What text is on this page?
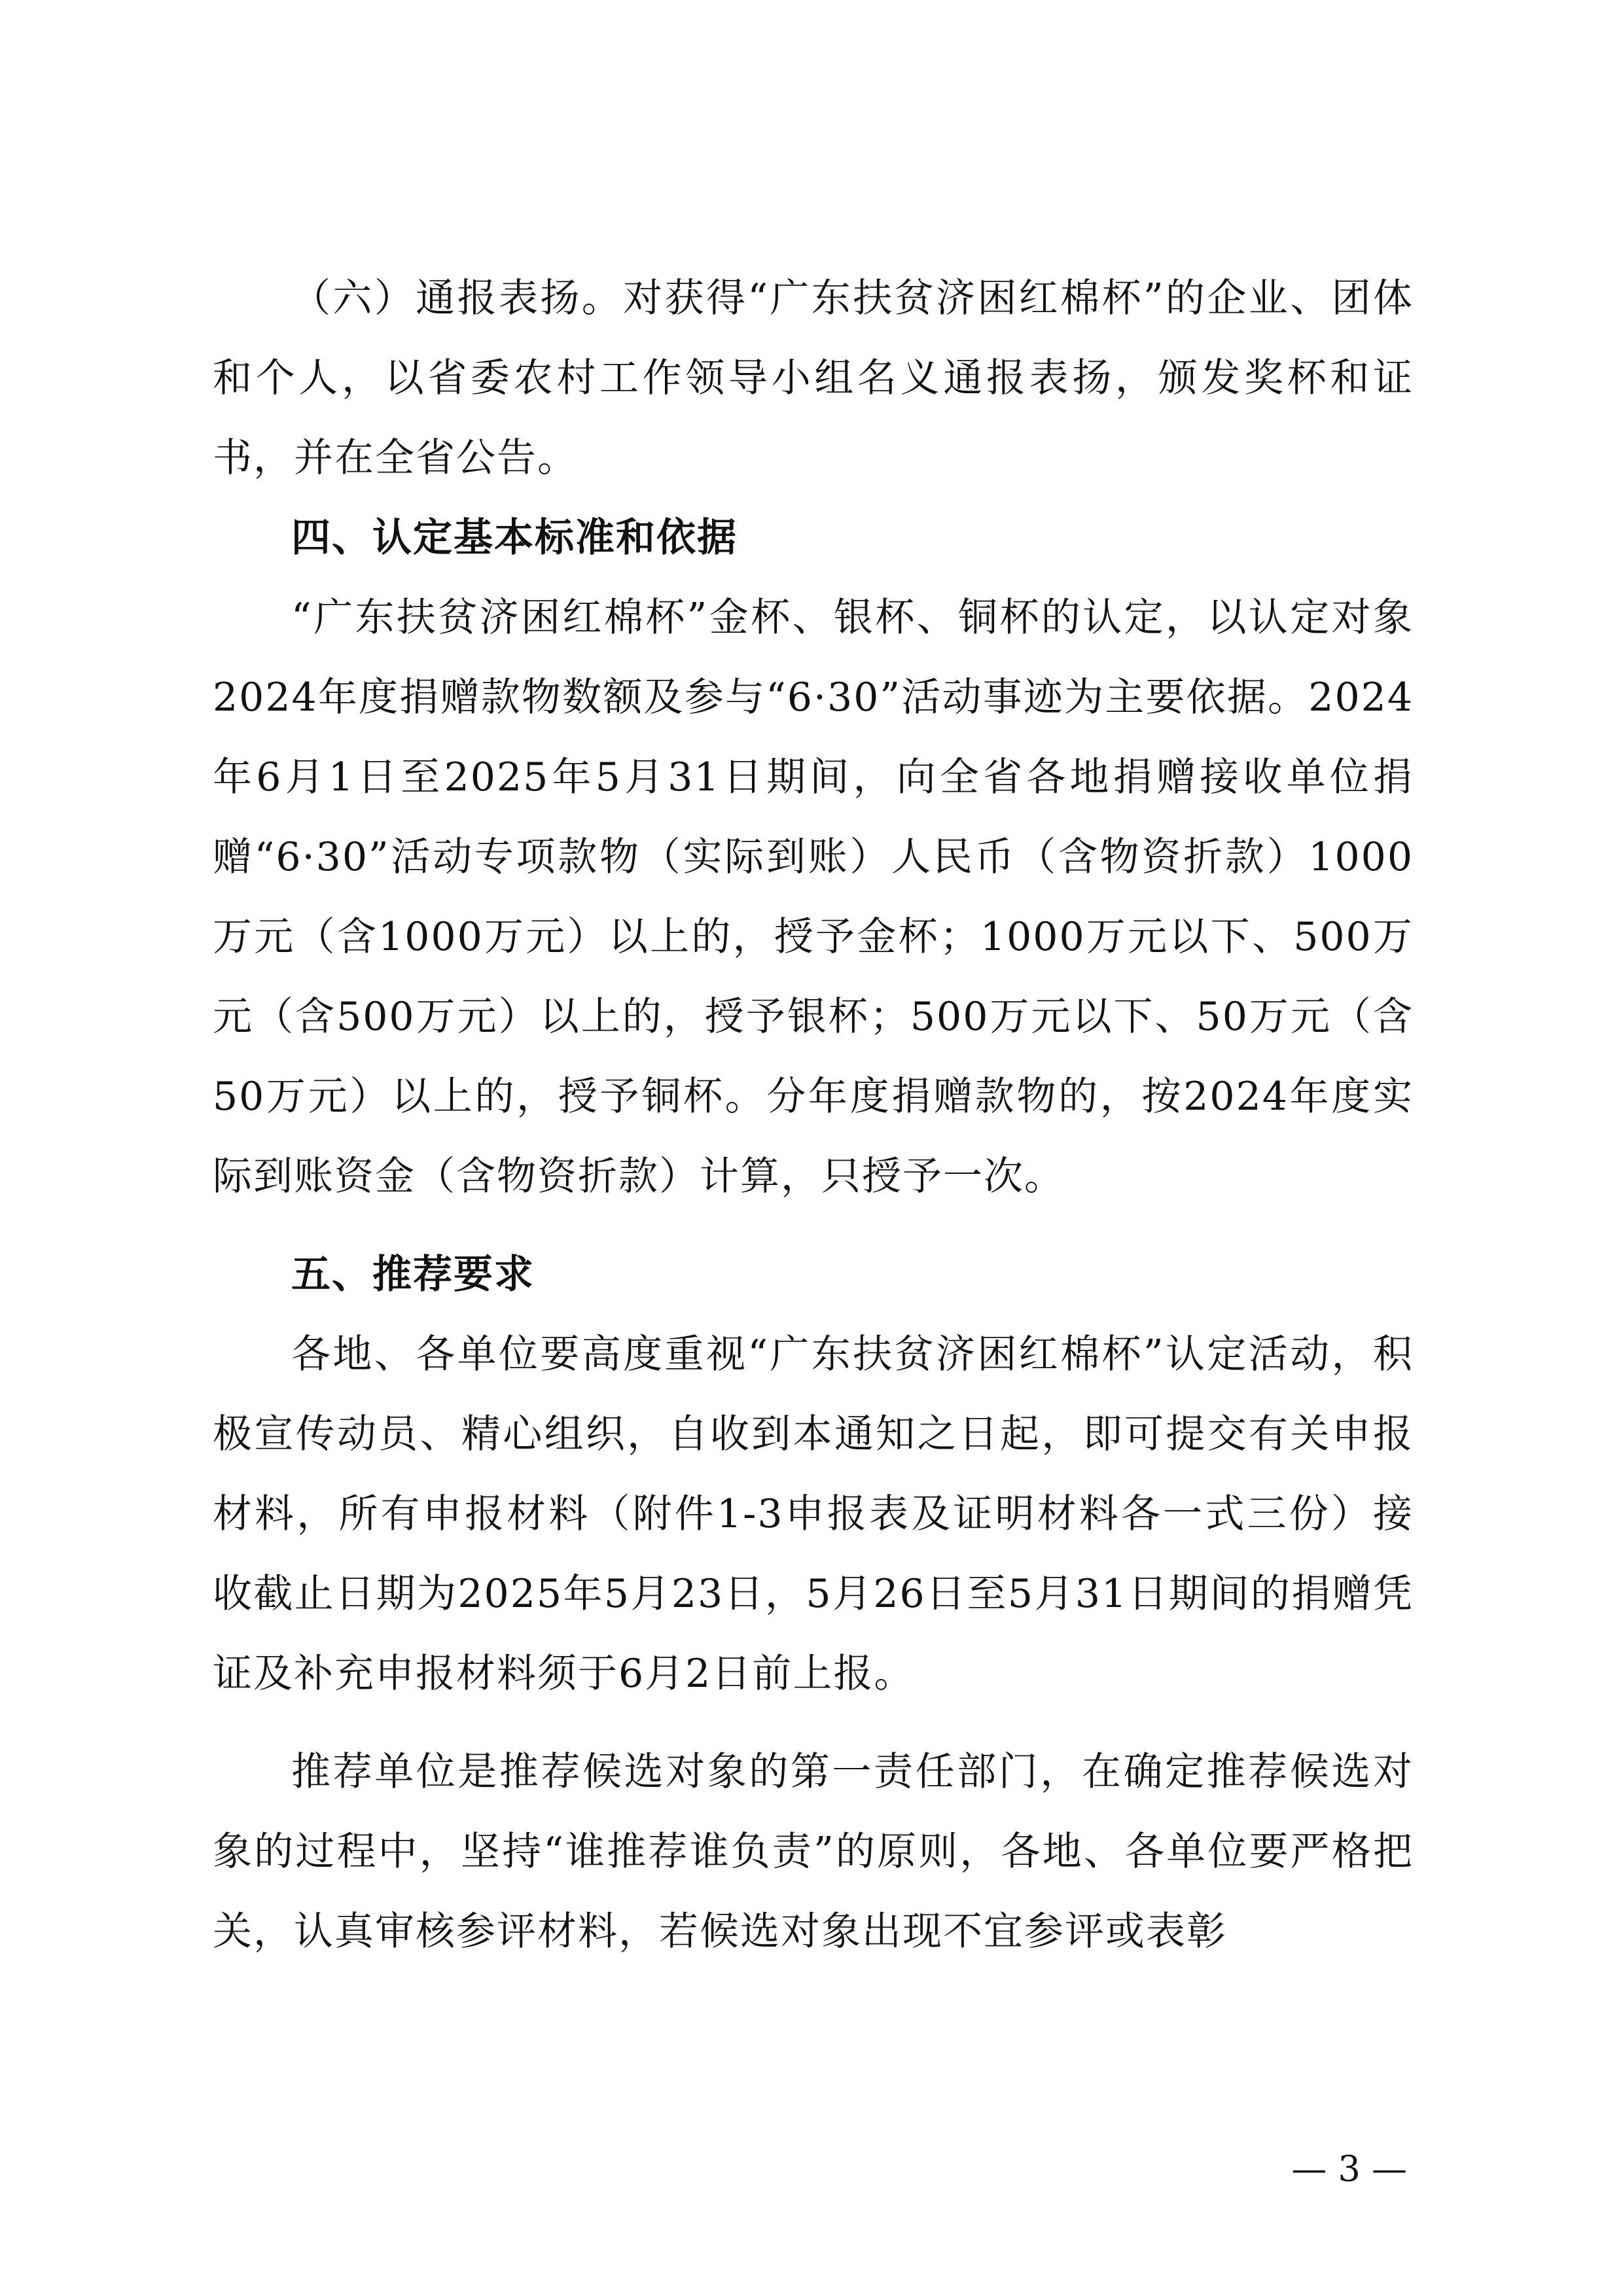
（六）通报表扬。对获得“广东扶贫济困红棉杯”的企业、团体和个人，以省委农村工作领导小组名义通报表扬，颁发奖杯和证书，并在全省公告。

四、认定基本标准和依据

“广东扶贫济困红棉杯”金杯、银杯、铜杯的认定，以认定对象2024年度捐赠款物数额及参与“6·30”活动事迹为主要依据。2024年6月1日至2025年5月31日期间，向全省各地捐赠接收单位捐赠“6·30”活动专项款物（实际到账）人民币（含物资折款）1000万元（含1000万元）以上的，授予金杯；1000万元以下、500万元（含500万元）以上的，授予银杯；500万元以下、50万元（含50万元）以上的，授予铜杯。分年度捐赠款物的，按2024年度实际到账资金（含物资折款）计算，只授予一次。

五、推荐要求

各地、各单位要高度重视“广东扶贫济困红棉杯”认定活动，积极宣传动员、精心组织，自收到本通知之日起，即可提交有关申报材料，所有申报材料（附件1-3申报表及证明材料各一式三份）接收截止日期为2025年5月23日，5月26日至5月31日期间的捐赠凭证及补充申报材料须于6月2日前上报。

推荐单位是推荐候选对象的第一责任部门，在确定推荐候选对象的过程中，坚持“谁推荐谁负责”的原则，各地、各单位要严格把关，认真审核参评材料，若候选对象出现不宜参评或表彰

— 3 —
